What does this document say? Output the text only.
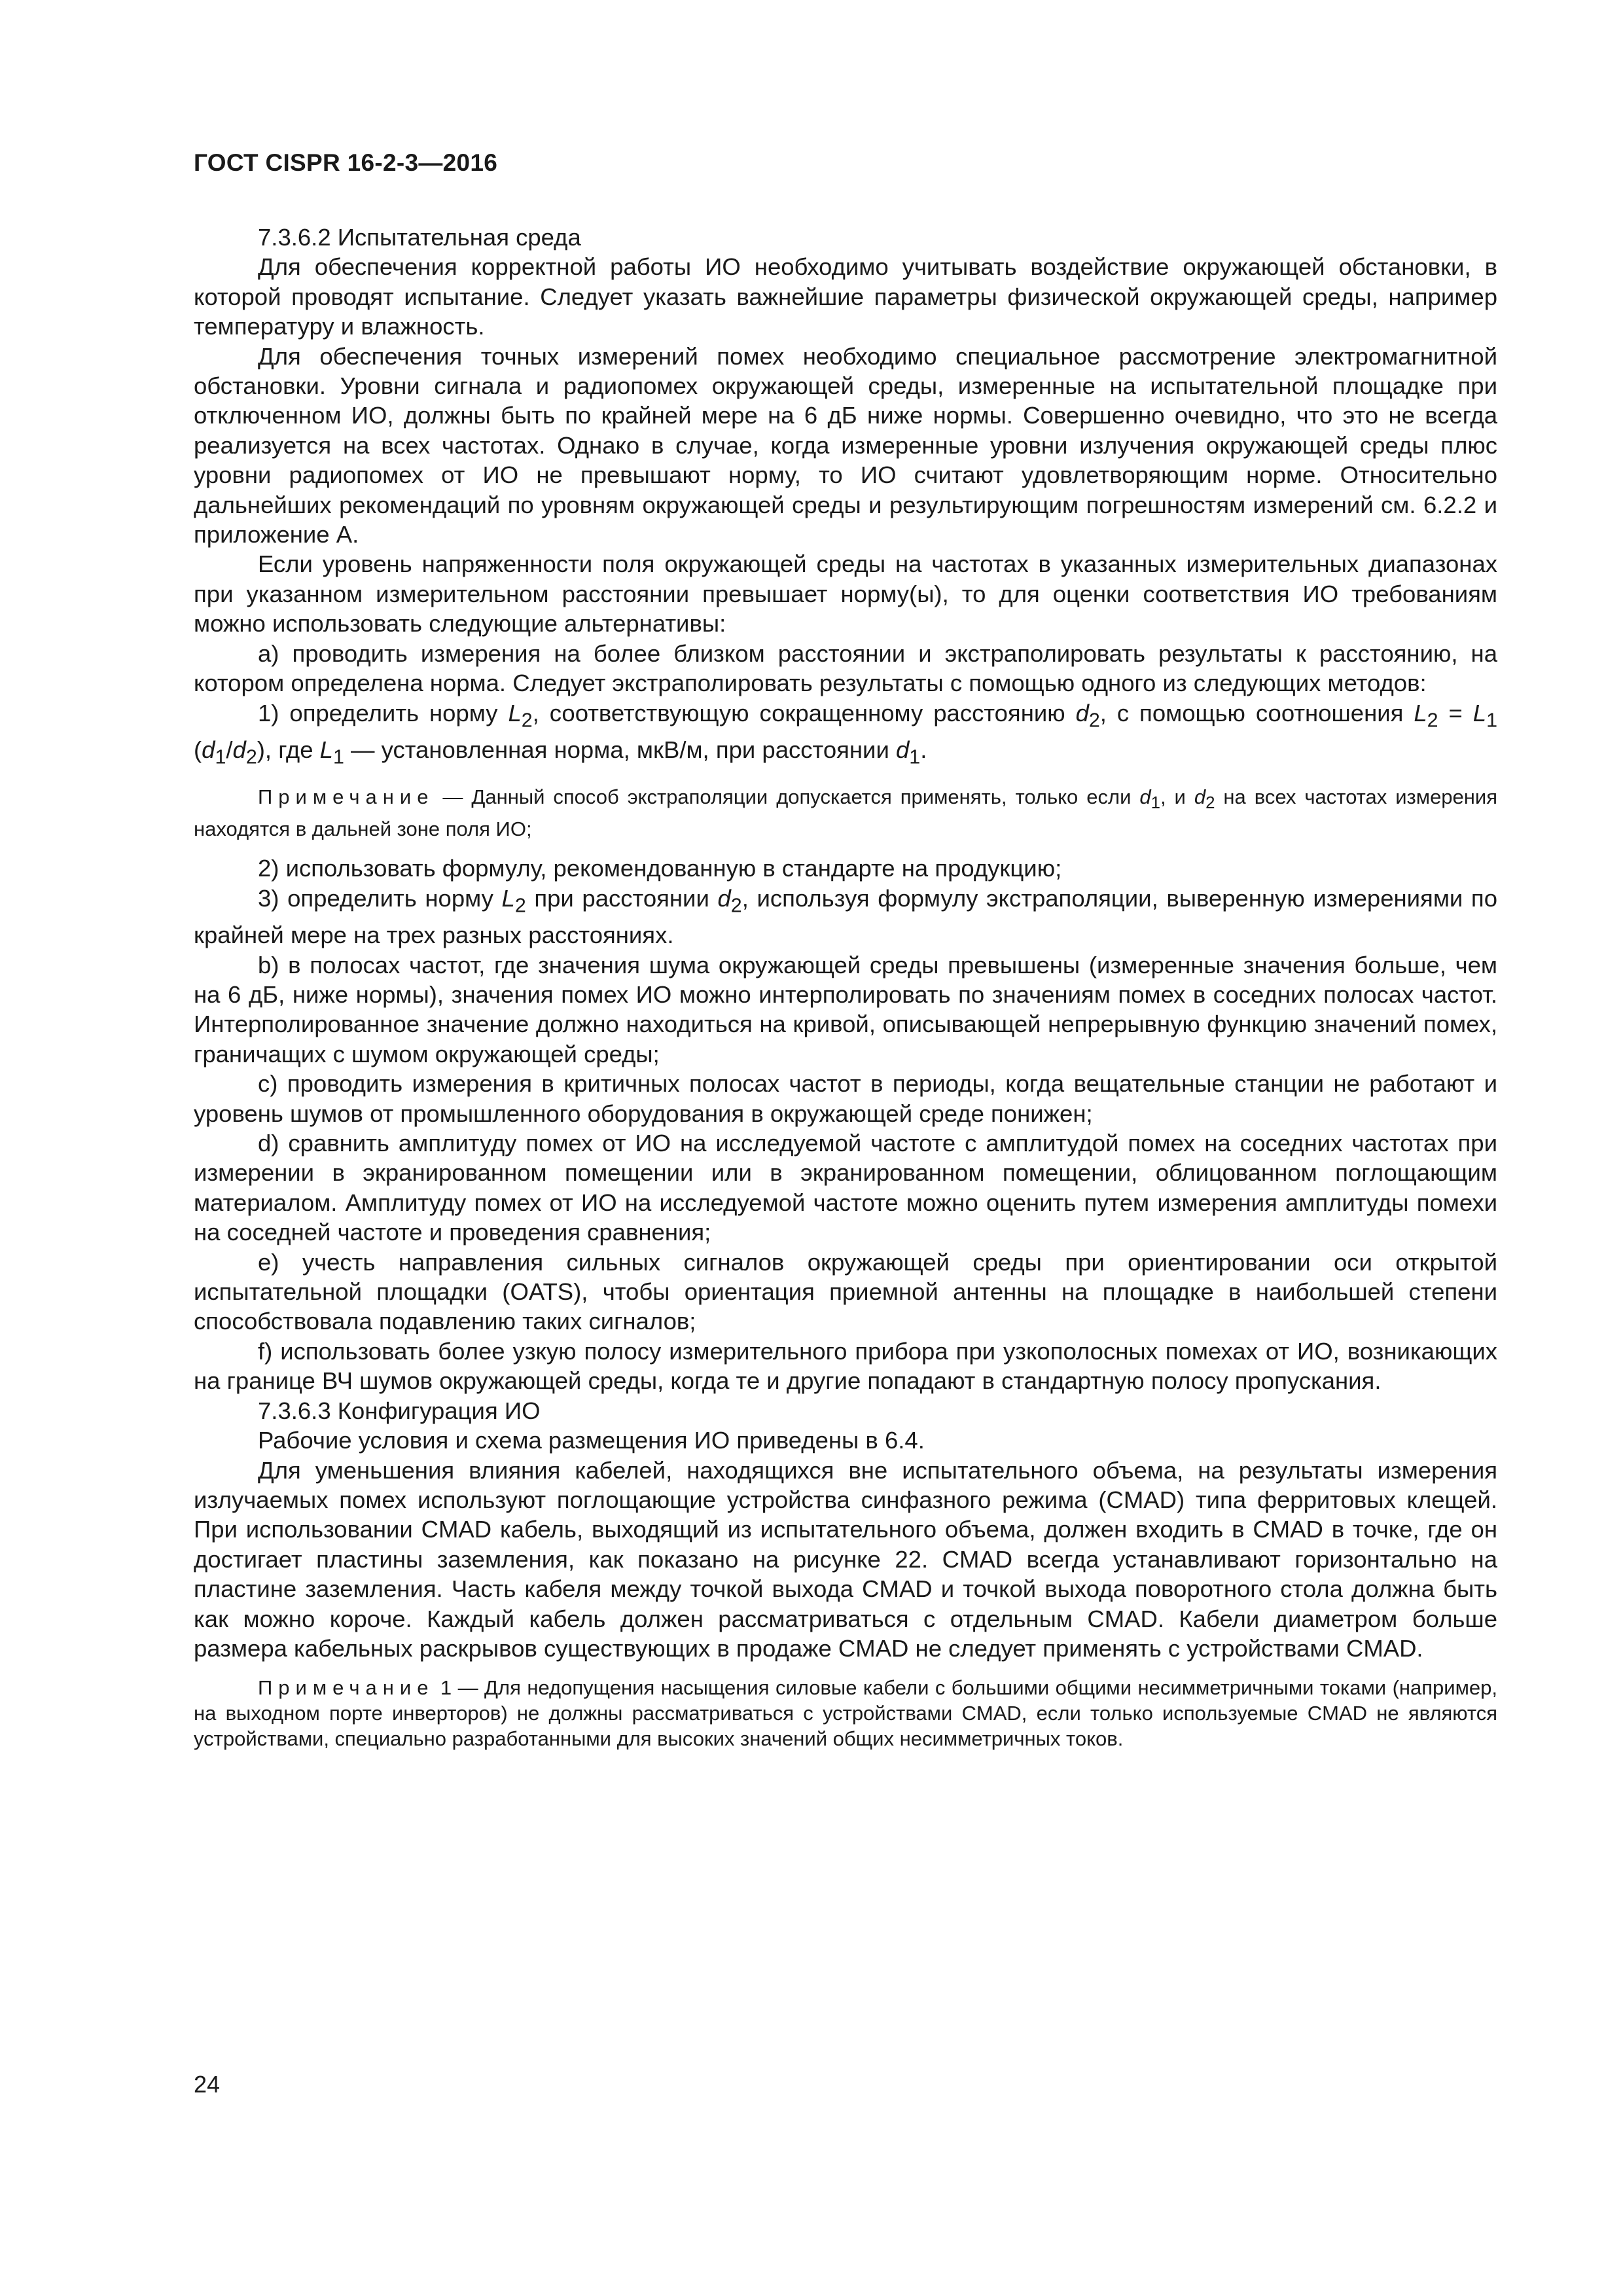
ГОСТ CISPR 16-2-3—2016

7.3.6.2 Испытательная среда

Для обеспечения корректной работы ИО необходимо учитывать воздействие окружающей обстановки, в которой проводят испытание. Следует указать важнейшие параметры физической окружающей среды, например температуру и влажность.

Для обеспечения точных измерений помех необходимо специальное рассмотрение электромагнитной обстановки. Уровни сигнала и радиопомех окружающей среды, измеренные на испытательной площадке при отключенном ИО, должны быть по крайней мере на 6 дБ ниже нормы. Совершенно очевидно, что это не всегда реализуется на всех частотах. Однако в случае, когда измеренные уровни излучения окружающей среды плюс уровни радиопомех от ИО не превышают норму, то ИО считают удовлетворяющим норме. Относительно дальнейших рекомендаций по уровням окружающей среды и результирующим погрешностям измерений см. 6.2.2 и приложение А.

Если уровень напряженности поля окружающей среды на частотах в указанных измерительных диапазонах при указанном измерительном расстоянии превышает норму(ы), то для оценки соответствия ИО требованиям можно использовать следующие альтернативы:

a) проводить измерения на более близком расстоянии и экстраполировать результаты к расстоянию, на котором определена норма. Следует экстраполировать результаты с помощью одного из следующих методов:

1) определить норму $L_2$, соответствующую сокращенному расстоянию $d_2$, с помощью соотношения $L_2 = L_1$ $(d_1/d_2)$, где $L_1$ — установленная норма, мкВ/м, при расстоянии $d_1$.

Примечание — Данный способ экстраполяции допускается применять, только если $d_1$, и $d_2$ на всех частотах измерения находятся в дальней зоне поля ИО;

2) использовать формулу, рекомендованную в стандарте на продукцию;

3) определить норму $L_2$ при расстоянии $d_2$, используя формулу экстраполяции, выверенную измерениями по крайней мере на трех разных расстояниях.

b) в полосах частот, где значения шума окружающей среды превышены (измеренные значения больше, чем на 6 дБ, ниже нормы), значения помех ИО можно интерполировать по значениям помех в соседних полосах частот. Интерполированное значение должно находиться на кривой, описывающей непрерывную функцию значений помех, граничащих с шумом окружающей среды;

c) проводить измерения в критичных полосах частот в периоды, когда вещательные станции не работают и уровень шумов от промышленного оборудования в окружающей среде понижен;

d) сравнить амплитуду помех от ИО на исследуемой частоте с амплитудой помех на соседних частотах при измерении в экранированном помещении или в экранированном помещении, облицованном поглощающим материалом. Амплитуду помех от ИО на исследуемой частоте можно оценить путем измерения амплитуды помехи на соседней частоте и проведения сравнения;

e) учесть направления сильных сигналов окружающей среды при ориентировании оси открытой испытательной площадки (OATS), чтобы ориентация приемной антенны на площадке в наибольшей степени способствовала подавлению таких сигналов;

f) использовать более узкую полосу измерительного прибора при узкополосных помехах от ИО, возникающих на границе ВЧ шумов окружающей среды, когда те и другие попадают в стандартную полосу пропускания.

7.3.6.3 Конфигурация ИО

Рабочие условия и схема размещения ИО приведены в 6.4.

Для уменьшения влияния кабелей, находящихся вне испытательного объема, на результаты измерения излучаемых помех используют поглощающие устройства синфазного режима (CMAD) типа ферритовых клещей. При использовании CMAD кабель, выходящий из испытательного объема, должен входить в CMAD в точке, где он достигает пластины заземления, как показано на рисунке 22. CMAD всегда устанавливают горизонтально на пластине заземления. Часть кабеля между точкой выхода CMAD и точкой выхода поворотного стола должна быть как можно короче. Каждый кабель должен рассматриваться с отдельным CMAD. Кабели диаметром больше размера кабельных раскрывов существующих в продаже CMAD не следует применять с устройствами CMAD.

Примечание 1 — Для недопущения насыщения силовые кабели с большими общими несимметричными токами (например, на выходном порте инверторов) не должны рассматриваться с устройствами CMAD, если только используемые CMAD не являются устройствами, специально разработанными для высоких значений общих несимметричных токов.

24
